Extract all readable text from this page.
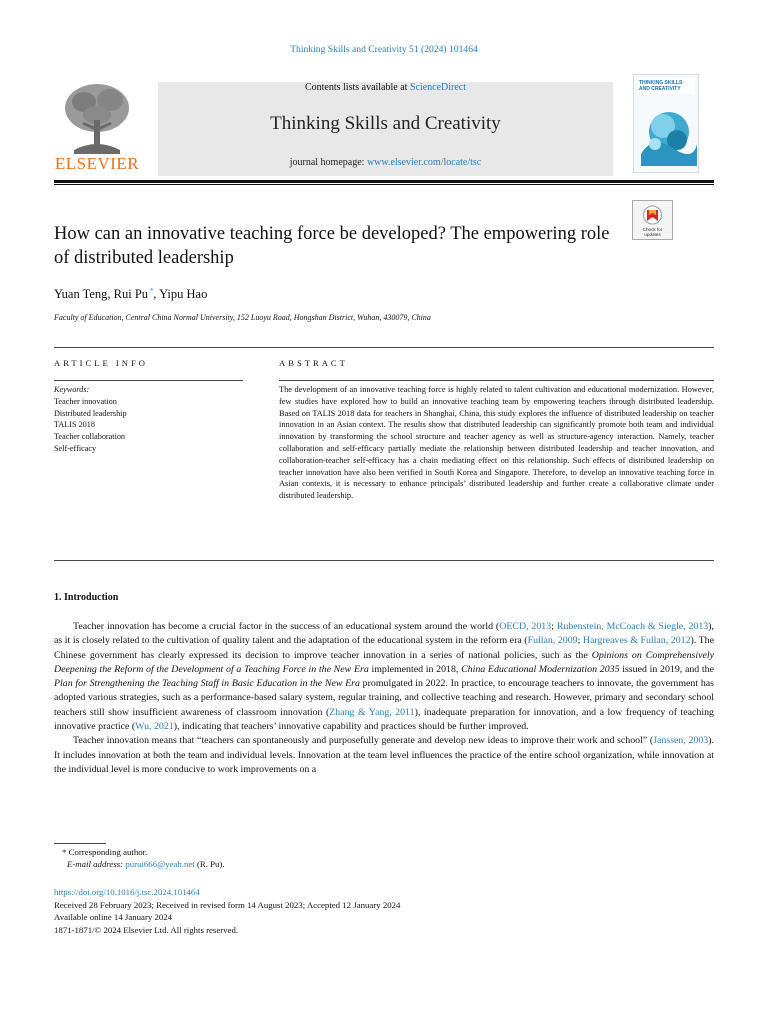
Thinking Skills and Creativity 51 (2024) 101464
ELSEVIER
Contents lists available at ScienceDirect
Thinking Skills and Creativity
journal homepage: www.elsevier.com/locate/tsc
THINKING SKILLS
AND CREATIVITY
How can an innovative teaching force be developed? The empowering role of distributed leadership
Check for
updates
Yuan Teng, Rui Pu *, Yipu Hao
Faculty of Education, Central China Normal University, 152 Luoyu Road, Hongshan District, Wuhan, 430079, China
ARTICLE INFO	ABSTRACT
Keywords:
Teacher innovation
Distributed leadership
TALIS 2018
Teacher collaboration
Self-efficacy
The development of an innovative teaching force is highly related to talent cultivation and educational modernization. However, few studies have explored how to build an innovative teaching team by empowering teachers through distributed leadership. Based on TALIS 2018 data for teachers in Shanghai, China, this study explores the influence of distributed leadership on teacher innovation in an Asian context. The results show that distributed leadership can significantly promote both team and individual innovation by transforming the school structure and teacher agency as well as structure-agency interaction. Namely, teacher collaboration and self-efficacy partially mediate the relationship between distributed leadership and teacher innovation, and collaboration-teacher self-efficacy has a chain mediating effect on this relationship. Such effects of distributed leadership on teacher innovation have also been verified in South Korea and Singapore. Therefore, to develop an innovative teaching force in Asian contexts, it is necessary to enhance principals’ distributed leadership and further create a collaborative climate under distributed leadership.
1. Introduction

Teacher innovation has become a crucial factor in the success of an educational system around the world (OECD, 2013; Rubenstein, McCoach & Siegle, 2013), as it is closely related to the cultivation of quality talent and the adaptation of the educational system in the reform era (Fullan, 2009; Hargreaves & Fullan, 2012). The Chinese government has clearly expressed its decision to improve teacher innovation in a series of national policies, such as the Opinions on Comprehensively Deepening the Reform of the Development of a Teaching Force in the New Era implemented in 2018, China Educational Modernization 2035 issued in 2019, and the Plan for Strengthening the Teaching Staff in Basic Education in the New Era promulgated in 2022. In practice, to encourage teachers to innovate, the government has adopted various strategies, such as a performance-based salary system, regular training, and collective teaching and research. However, primary and secondary school teachers still show insufficient awareness of classroom innovation (Zhang & Yang, 2011), inadequate preparation for innovation, and a low frequency of teaching innovative practice (Wu, 2021), indicating that teachers’ innovative capability and practices should be further improved.

Teacher innovation means that “teachers can spontaneously and purposefully generate and develop new ideas to improve their work and school” (Janssen, 2003). It includes innovation at both the team and individual levels. Innovation at the team level influences the practice of the entire school organization, while innovation at the individual level is more conducive to work improvements on a

* Corresponding author.
E-mail address: purui666@yeah.net (R. Pu).
https://doi.org/10.1016/j.tsc.2024.101464
Received 28 February 2023; Received in revised form 14 August 2023; Accepted 12 January 2024
Available online 14 January 2024
1871-1871/© 2024 Elsevier Ltd. All rights reserved.
